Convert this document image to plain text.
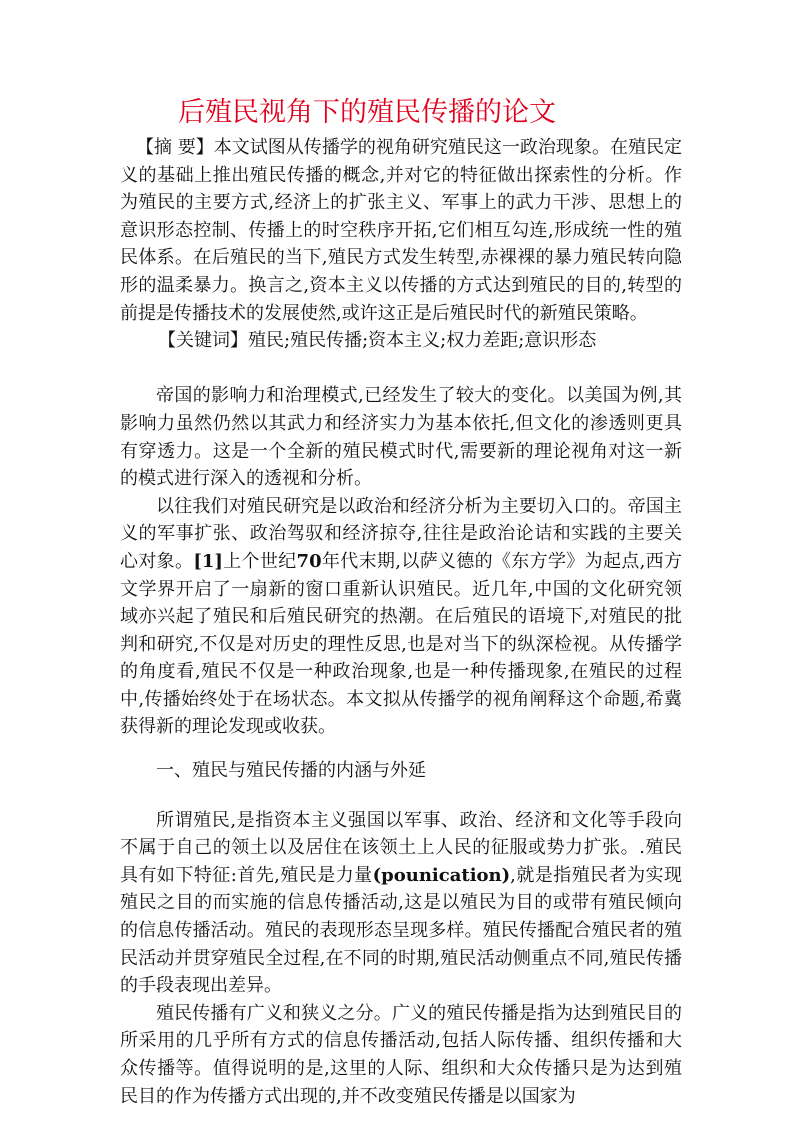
后殖民视角下的殖民传播的论文

【摘 要】本文试图从传播学的视角研究殖民这一政治现象。在殖民定义的基础上推出殖民传播的概念,并对它的特征做出探索性的分析。作为殖民的主要方式,经济上的扩张主义、军事上的武力干涉、思想上的意识形态控制、传播上的时空秩序开拓,它们相互勾连,形成统一性的殖民体系。在后殖民的当下,殖民方式发生转型,赤裸裸的暴力殖民转向隐形的温柔暴力。换言之,资本主义以传播的方式达到殖民的目的,转型的前提是传播技术的发展使然,或许这正是后殖民时代的新殖民策略。

【关键词】殖民;殖民传播;资本主义;权力差距;意识形态

帝国的影响力和治理模式,已经发生了较大的变化。以美国为例,其影响力虽然仍然以其武力和经济实力为基本依托,但文化的渗透则更具有穿透力。这是一个全新的殖民模式时代,需要新的理论视角对这一新的模式进行深入的透视和分析。

以往我们对殖民研究是以政治和经济分析为主要切入口的。帝国主义的军事扩张、政治驾驭和经济掠夺,往往是政治论诘和实践的主要关心对象。[1]上个世纪70年代末期,以萨义德的《东方学》为起点,西方文学界开启了一扇新的窗口重新认识殖民。近几年,中国的文化研究领域亦兴起了殖民和后殖民研究的热潮。在后殖民的语境下,对殖民的批判和研究,不仅是对历史的理性反思,也是对当下的纵深检视。从传播学的角度看,殖民不仅是一种政治现象,也是一种传播现象,在殖民的过程中,传播始终处于在场状态。本文拟从传播学的视角阐释这个命题,希冀获得新的理论发现或收获。

一、殖民与殖民传播的内涵与外延

所谓殖民,是指资本主义强国以军事、政治、经济和文化等手段向不属于自己的领土以及居住在该领土上人民的征服或势力扩张。.殖民具有如下特征:首先,殖民是力量(pounication),就是指殖民者为实现殖民之目的而实施的信息传播活动,这是以殖民为目的或带有殖民倾向的信息传播活动。殖民的表现形态呈现多样。殖民传播配合殖民者的殖民活动并贯穿殖民全过程,在不同的时期,殖民活动侧重点不同,殖民传播的手段表现出差异。

殖民传播有广义和狭义之分。广义的殖民传播是指为达到殖民目的所采用的几乎所有方式的信息传播活动,包括人际传播、组织传播和大众传播等。值得说明的是,这里的人际、组织和大众传播只是为达到殖民目的作为传播方式出现的,并不改变殖民传播是以国家为
